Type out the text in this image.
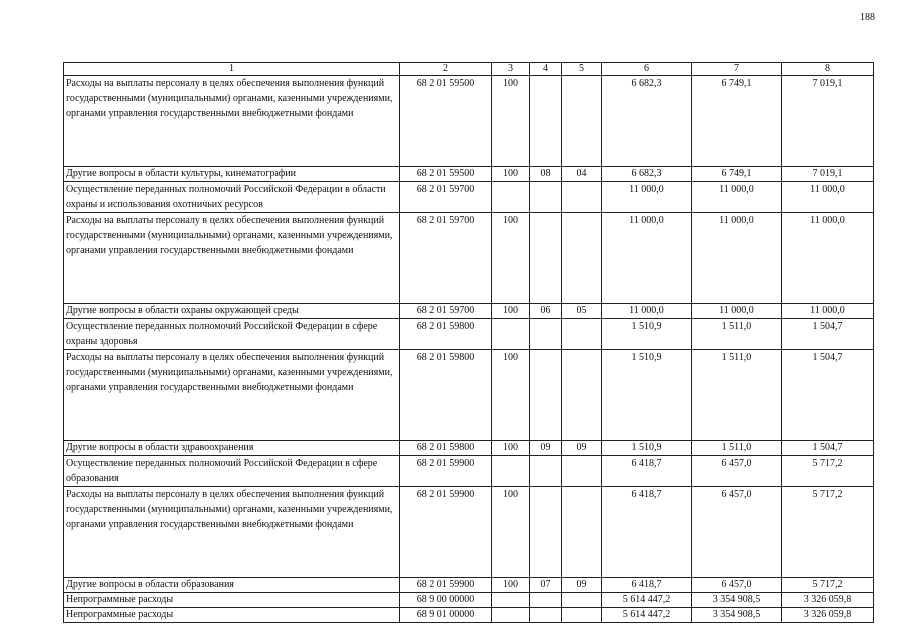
188
1	2	3	4	5	6	7	8
Расходы на выплаты персоналу в целях обеспечения выполнения функций государственными (муниципальными) органами, казенными учреждениями, органами управления государственными внебюджетными фондами	68 2 01 59500	100			6 682,3	6 749,1	7 019,1
Другие вопросы в области культуры, кинематографии	68 2 01 59500	100	08	04	6 682,3	6 749,1	7 019,1
Осуществление переданных полномочий Российской Федерации в области охраны и использования охотничьих ресурсов	68 2 01 59700				11 000,0	11 000,0	11 000,0
Расходы на выплаты персоналу в целях обеспечения выполнения функций государственными (муниципальными) органами, казенными учреждениями, органами управления государственными внебюджетными фондами	68 2 01 59700	100			11 000,0	11 000,0	11 000,0
Другие вопросы в области охраны окружающей среды	68 2 01 59700	100	06	05	11 000,0	11 000,0	11 000,0
Осуществление переданных полномочий Российской Федерации в сфере охраны здоровья	68 2 01 59800				1 510,9	1 511,0	1 504,7
Расходы на выплаты персоналу в целях обеспечения выполнения функций государственными (муниципальными) органами, казенными учреждениями, органами управления государственными внебюджетными фондами	68 2 01 59800	100			1 510,9	1 511,0	1 504,7
Другие вопросы в области здравоохранения	68 2 01 59800	100	09	09	1 510,9	1 511,0	1 504,7
Осуществление переданных полномочий Российской Федерации в сфере образования	68 2 01 59900				6 418,7	6 457,0	5 717,2
Расходы на выплаты персоналу в целях обеспечения выполнения функций государственными (муниципальными) органами, казенными учреждениями, органами управления государственными внебюджетными фондами	68 2 01 59900	100			6 418,7	6 457,0	5 717,2
Другие вопросы в области образования	68 2 01 59900	100	07	09	6 418,7	6 457,0	5 717,2
Непрограммные расходы	68 9 00 00000				5 614 447,2	3 354 908,5	3 326 059,8
Непрограммные расходы	68 9 01 00000				5 614 447,2	3 354 908,5	3 326 059,8
